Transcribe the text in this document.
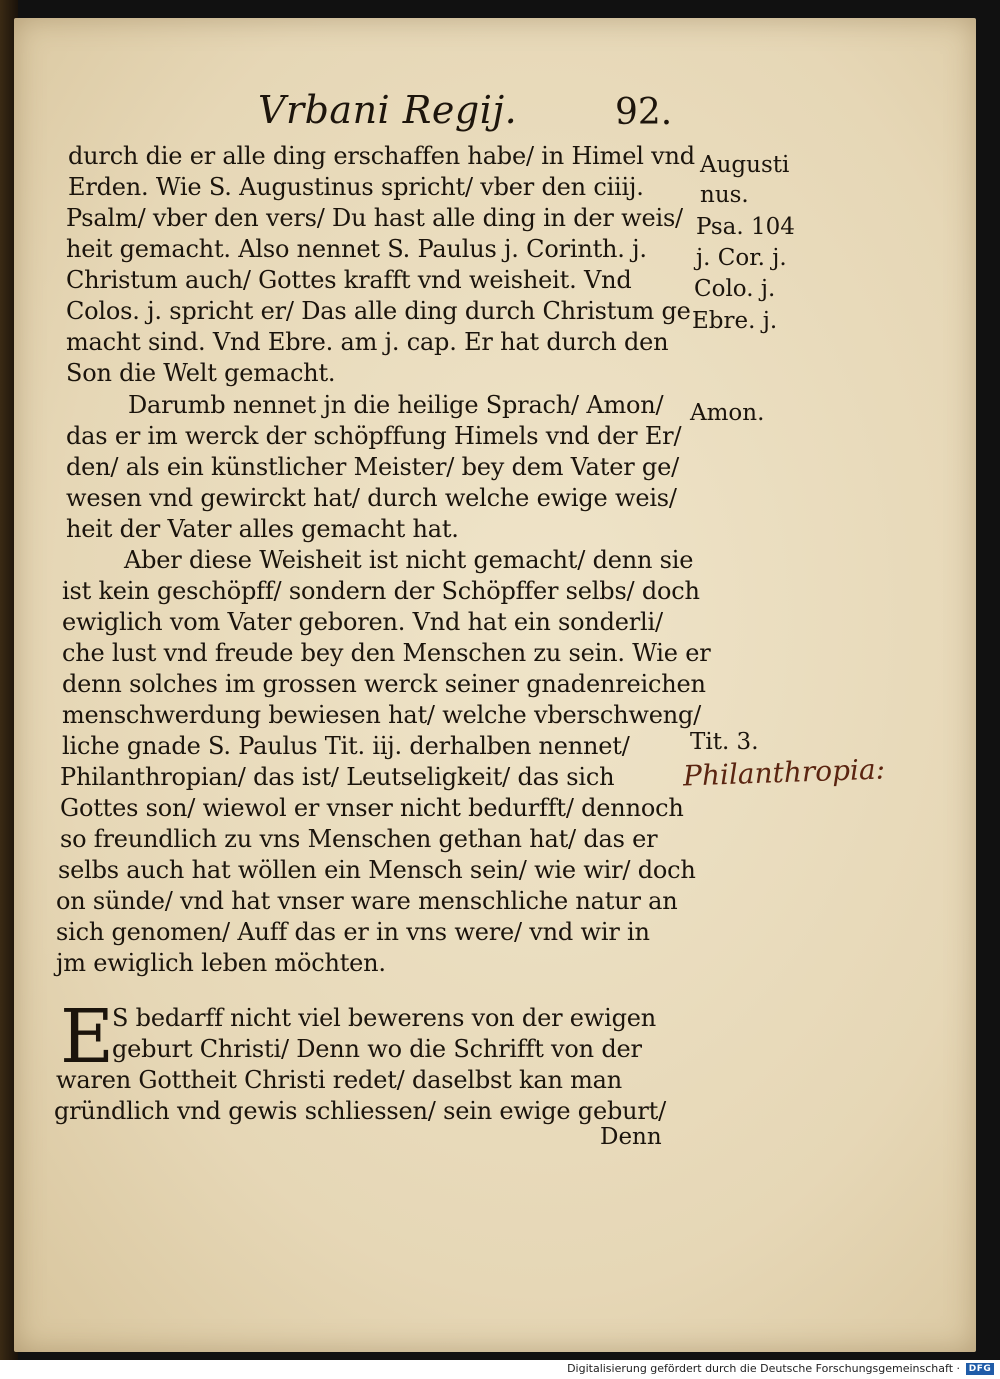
Vrbani Regij.	92.
durch die er alle ding erschaffen habe/ in Himel vnd
Erden. Wie S. Augustinus spricht/ vber den ciiij.
Psalm/ vber den vers/ Du hast alle ding in der weis/
heit gemacht. Also nennet S. Paulus j. Corinth. j.
Christum auch/ Gottes krafft vnd weisheit. Vnd
Colos. j. spricht er/ Das alle ding durch Christum ge
macht sind. Vnd Ebre. am j. cap. Er hat durch den
Son die Welt gemacht.
Darumb nennet jn die heilige Sprach/ Amon/
das er im werck der schöpffung Himels vnd der Er/
den/ als ein künstlicher Meister/ bey dem Vater ge/
wesen vnd gewirckt hat/ durch welche ewige weis/
heit der Vater alles gemacht hat.
Aber diese Weisheit ist nicht gemacht/ denn sie
ist kein geschöpff/ sondern der Schöpffer selbs/ doch
ewiglich vom Vater geboren. Vnd hat ein sonderli/
che lust vnd freude bey den Menschen zu sein. Wie er
denn solches im grossen werck seiner gnadenreichen
menschwerdung bewiesen hat/ welche vberschweng/
liche gnade S. Paulus Tit. iij. derhalben nennet/
Philanthropian/ das ist/ Leutseligkeit/ das sich
Gottes son/ wiewol er vnser nicht bedurfft/ dennoch
so freundlich zu vns Menschen gethan hat/ das er
selbs auch hat wöllen ein Mensch sein/ wie wir/ doch
on sünde/ vnd hat vnser ware menschliche natur an
sich genomen/ Auff das er in vns were/ vnd wir in
jm ewiglich leben möchten.
E
S bedarff nicht viel bewerens von der ewigen
geburt Christi/ Denn wo die Schrifft von der
waren Gottheit Christi redet/ daselbst kan man
gründlich vnd gewis schliessen/ sein ewige geburt/
Denn
Augusti
nus.
Psa. 104
j. Cor. j.
Colo. j.
Ebre. j.
Amon.
Tit. 3.
Philanthropia:
Digitalisierung gefördert durch die Deutsche Forschungsgemeinschaft · DFG
